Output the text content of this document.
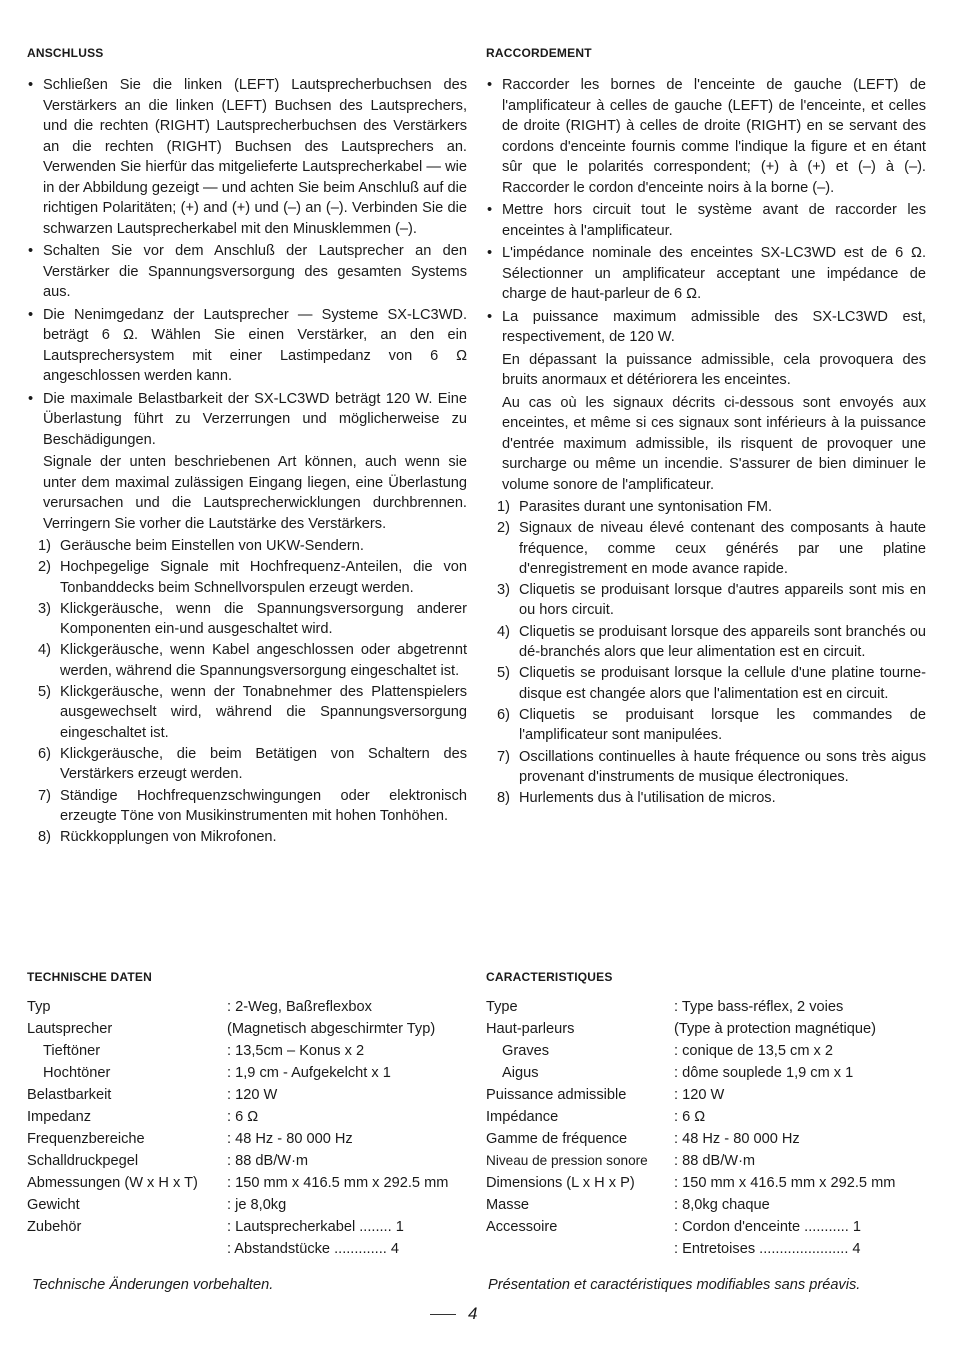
ANSCHLUSS
• Schließen Sie die linken (LEFT) Lautsprecherbuchsen des Verstärkers an die linken (LEFT) Buchsen des Lautsprechers, und die rechten (RIGHT) Lautsprecherbuchsen des Verstärkers an die rechten (RIGHT) Buchsen des Lautsprechers an. Verwenden Sie hierfür das mitgelieferte Lautsprecherkabel — wie in der Abbildung gezeigt — und achten Sie beim Anschluß auf die richtigen Polaritäten; (+) and (+) und (–) an (–). Verbinden Sie die schwarzen Lautsprecherkabel mit den Minusklemmen (–).
• Schalten Sie vor dem Anschluß der Lautsprecher an den Verstärker die Spannungsversorgung des gesamten Systems aus.
• Die Nenimgedanz der Lautsprecher — Systeme SX-LC3WD. beträgt 6 Ω. Wählen Sie einen Verstärker, an den ein Lautsprechersystem mit einer Lastimpedanz von 6 Ω angeschlossen werden kann.
• Die maximale Belastbarkeit der SX-LC3WD beträgt 120 W. Eine Überlastung führt zu Verzerrungen und möglicherweise zu Beschädigungen.

Signale der unten beschriebenen Art können, auch wenn sie unter dem maximal zulässigen Eingang liegen, eine Überlastung verursachen und die Lautsprecherwicklungen durchbrennen. Verringern Sie vorher die Lautstärke des Verstärkers.

1) Geräusche beim Einstellen von UKW-Sendern.
2) Hochpegelige Signale mit Hochfrequenz-Anteilen, die von Tonbanddecks beim Schnellvorspulen erzeugt werden.
3) Klickgeräusche, wenn die Spannungsversorgung anderer Komponenten ein-und ausgeschaltet wird.
4) Klickgeräusche, wenn Kabel angeschlossen oder abgetrennt werden, während die Spannungsversorgung eingeschaltet ist.
5) Klickgeräusche, wenn der Tonabnehmer des Plattenspielers ausgewechselt wird, während die Spannungsversorgung eingeschaltet ist.
6) Klickgeräusche, die beim Betätigen von Schaltern des Verstärkers erzeugt werden.
7) Ständige Hochfrequenzschwingungen oder elektronisch erzeugte Töne von Musikinstrumenten mit hohen Tonhöhen.
8) Rückkopplungen von Mikrofonen.
RACCORDEMENT
• Raccorder les bornes de l'enceinte de gauche (LEFT) de l'amplificateur à celles de gauche (LEFT) de l'enceinte, et celles de droite (RIGHT) à celles de droite (RIGHT) en se servant des cordons d'enceinte fournis comme l'indique la figure et en étant sûr que le polarités correspondent; (+) à (+) et (–) à (–). Raccorder le cordon d'enceinte noirs à la borne (–).
• Mettre hors circuit tout le système avant de raccorder les enceintes à l'amplificateur.
• L'impédance nominale des enceintes SX-LC3WD est de 6 Ω. Sélectionner un amplificateur acceptant une impédance de charge de haut-parleur de 6 Ω.
• La puissance maximum admissible des SX-LC3WD est, respectivement, de 120 W.

En dépassant la puissance admissible, cela provoquera des bruits anormaux et détériorera les enceintes.

Au cas où les signaux décrits ci-dessous sont envoyés aux enceintes, et même si ces signaux sont inférieurs à la puissance d'entrée maximum admissible, ils risquent de provoquer une surcharge ou même un incendie. S'assurer de bien diminuer le volume sonore de l'amplificateur.

1) Parasites durant une syntonisation FM.
2) Signaux de niveau élevé contenant des composants à haute fréquence, comme ceux générés par une platine d'enregistrement en mode avance rapide.
3) Cliquetis se produisant lorsque d'autres appareils sont mis en ou hors circuit.
4) Cliquetis se produisant lorsque des appareils sont branchés ou dé-branchés alors que leur alimentation est en circuit.
5) Cliquetis se produisant lorsque la cellule d'une platine tourne-disque est changée alors que l'alimentation est en circuit.
6) Cliquetis se produisant lorsque les commandes de l'amplificateur sont manipulées.
7) Oscillations continuelles à haute fréquence ou sons très aigus provenant d'instruments de musique électroniques.
8) Hurlements dus à l'utilisation de micros.
TECHNISCHE DATEN
Typ	: 2-Weg, Baßreflexbox
Lautsprecher	(Magnetisch abgeschirmter Typ)
Tieftöner	: 13,5cm – Konus x 2
Hochtöner	: 1,9 cm - Aufgekelcht x 1
Belastbarkeit	: 120 W
Impedanz	: 6 Ω
Frequenzbereiche	: 48 Hz - 80 000 Hz
Schalldruckpegel	: 88 dB/W·m
Abmessungen (W x H x T) : 150 mm x 416.5 mm x 292.5 mm
Gewicht	: je 8,0kg
Zubehör	: Lautsprecherkabel ........ 1
: Abstandstücke ............. 4
CARACTERISTIQUES
Type	: Type bass-réflex, 2 voies
Haut-parleurs	(Type à protection magnétique)
Graves	: conique de 13,5 cm x 2
Aigus	: dôme souplede 1,9 cm x 1
Puissance admissible	: 120 W
Impédance	: 6 Ω
Gamme de fréquence	: 48 Hz - 80 000 Hz
Niveau de pression sonore : 88 dB/W·m
Dimensions (L x H x P)	: 150 mm x 416.5 mm x 292.5 mm
Masse	: 8,0kg chaque
Accessoire	: Cordon d'enceinte ........... 1
: Entretoises ...................... 4
Technische Änderungen vorbehalten.	Présentation et caractéristiques modifiables sans préavis.
4
